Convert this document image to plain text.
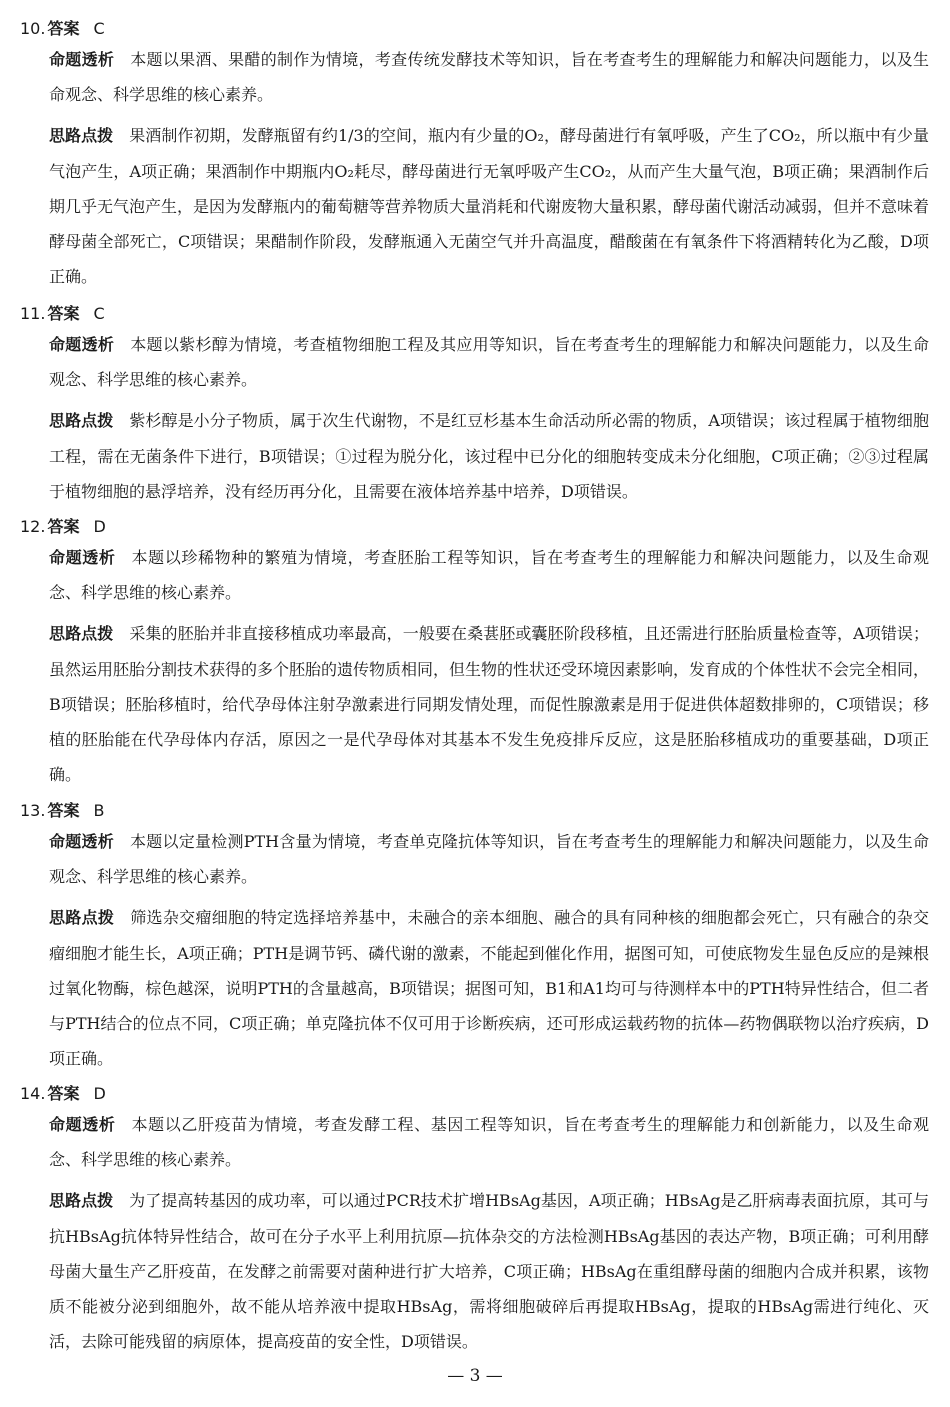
10. 答案 C
命题透析 本题以果酒、果醋的制作为情境，考查传统发酵技术等知识，旨在考查考生的理解能力和解决问题能力，以及生命观念、科学思维的核心素养。
思路点拨 果酒制作初期，发酵瓶留有约1/3的空间，瓶内有少量的O₂，酵母菌进行有氧呼吸，产生了CO₂，所以瓶中有少量气泡产生，A项正确；果酒制作中期瓶内O₂耗尽，酵母菌进行无氧呼吸产生CO₂，从而产生大量气泡，B项正确；果酒制作后期几乎无气泡产生，是因为发酵瓶内的葡萄糖等营养物质大量消耗和代谢废物大量积累，酵母菌代谢活动减弱，但并不意味着酵母菌全部死亡，C项错误；果醋制作阶段，发酵瓶通入无菌空气并升高温度，醋酸菌在有氧条件下将酒精转化为乙酸，D项正确。
11. 答案 C
命题透析 本题以紫杉醇为情境，考查植物细胞工程及其应用等知识，旨在考查考生的理解能力和解决问题能力，以及生命观念、科学思维的核心素养。
思路点拨 紫杉醇是小分子物质，属于次生代谢物，不是红豆杉基本生命活动所必需的物质，A项错误；该过程属于植物细胞工程，需在无菌条件下进行，B项错误；①过程为脱分化，该过程中已分化的细胞转变成未分化细胞，C项正确；②③过程属于植物细胞的悬浮培养，没有经历再分化，且需要在液体培养基中培养，D项错误。
12. 答案 D
命题透析 本题以珍稀物种的繁殖为情境，考查胚胎工程等知识，旨在考查考生的理解能力和解决问题能力，以及生命观念、科学思维的核心素养。
思路点拨 采集的胚胎并非直接移植成功率最高，一般要在桑葚胚或囊胚阶段移植，且还需进行胚胎质量检查等，A项错误；虽然运用胚胎分割技术获得的多个胚胎的遗传物质相同，但生物的性状还受环境因素影响，发育成的个体性状不会完全相同，B项错误；胚胎移植时，给代孕母体注射孕激素进行同期发情处理，而促性腺激素是用于促进供体超数排卵的，C项错误；移植的胚胎能在代孕母体内存活，原因之一是代孕母体对其基本不发生免疫排斥反应，这是胚胎移植成功的重要基础，D项正确。
13. 答案 B
命题透析 本题以定量检测PTH含量为情境，考查单克隆抗体等知识，旨在考查考生的理解能力和解决问题能力，以及生命观念、科学思维的核心素养。
思路点拨 筛选杂交瘤细胞的特定选择培养基中，未融合的亲本细胞、融合的具有同种核的细胞都会死亡，只有融合的杂交瘤细胞才能生长，A项正确；PTH是调节钙、磷代谢的激素，不能起到催化作用，据图可知，可使底物发生显色反应的是辣根过氧化物酶，棕色越深，说明PTH的含量越高，B项错误；据图可知，B1和A1均可与待测样本中的PTH特异性结合，但二者与PTH结合的位点不同，C项正确；单克隆抗体不仅可用于诊断疾病，还可形成运载药物的抗体—药物偶联物以治疗疾病，D项正确。
14. 答案 D
命题透析 本题以乙肝疫苗为情境，考查发酵工程、基因工程等知识，旨在考查考生的理解能力和创新能力，以及生命观念、科学思维的核心素养。
思路点拨 为了提高转基因的成功率，可以通过PCR技术扩增HBsAg基因，A项正确；HBsAg是乙肝病毒表面抗原，其可与抗HBsAg抗体特异性结合，故可在分子水平上利用抗原—抗体杂交的方法检测HBsAg基因的表达产物，B项正确；可利用酵母菌大量生产乙肝疫苗，在发酵之前需要对菌种进行扩大培养，C项正确；HBsAg在重组酵母菌的细胞内合成并积累，该物质不能被分泌到细胞外，故不能从培养液中提取HBsAg，需将细胞破碎后再提取HBsAg，提取的HBsAg需进行纯化、灭活，去除可能残留的病原体，提高疫苗的安全性，D项错误。
— 3 —
